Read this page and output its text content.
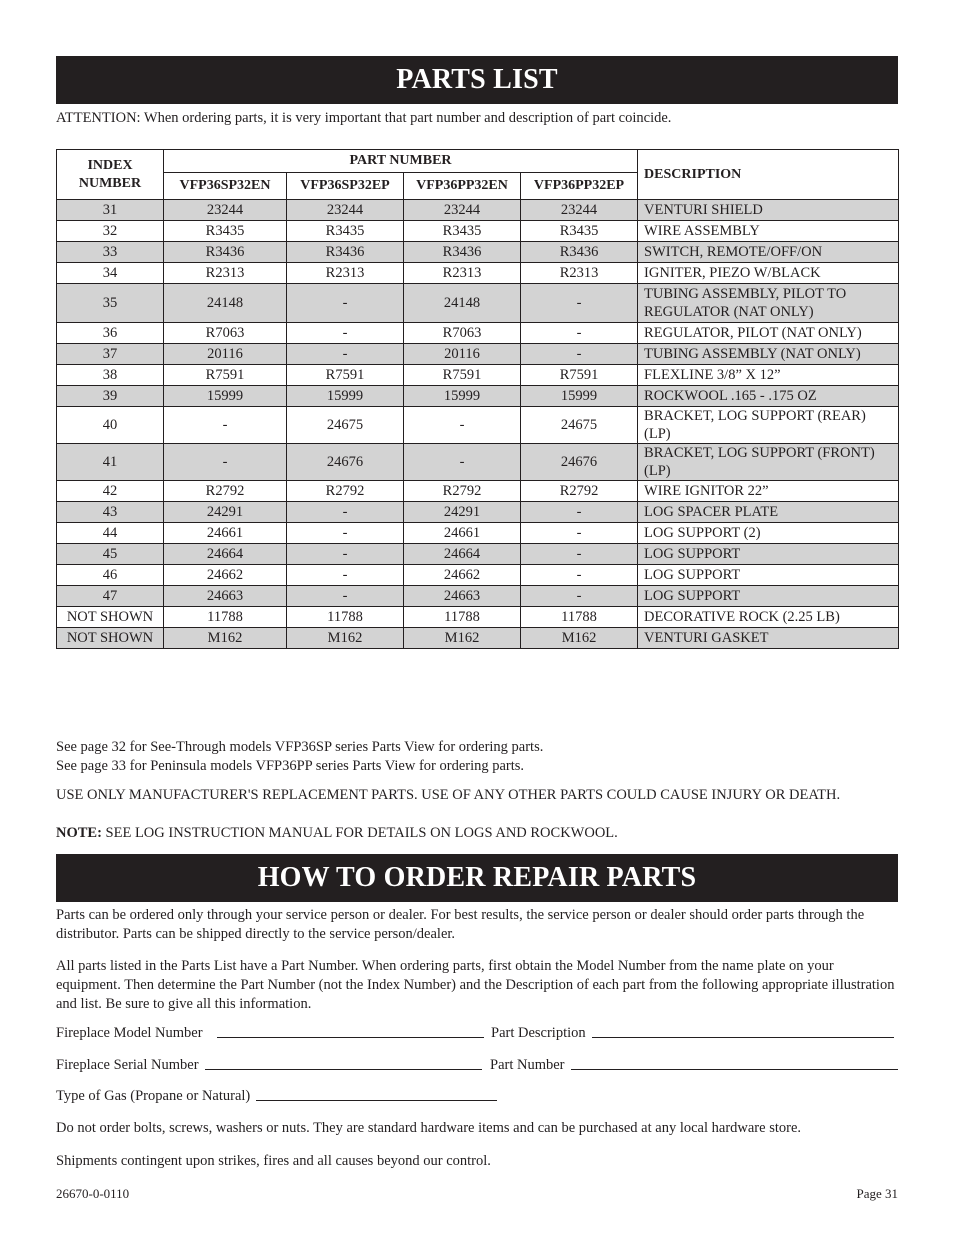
PARTS LIST

ATTENTION: When ordering parts, it is very important that part number and description of part coincide.

INDEX NUMBER	PART NUMBER				DESCRIPTION
	VFP36SP32EN	VFP36SP32EP	VFP36PP32EN	VFP36PP32EP	
31	23244	23244	23244	23244	VENTURI SHIELD
32	R3435	R3435	R3435	R3435	WIRE ASSEMBLY
33	R3436	R3436	R3436	R3436	SWITCH, REMOTE/OFF/ON
34	R2313	R2313	R2313	R2313	IGNITER, PIEZO W/BLACK
35	24148	-	24148	-	TUBING ASSEMBLY, PILOT TO REGULATOR (NAT ONLY)
36	R7063	-	R7063	-	REGULATOR, PILOT (NAT ONLY)
37	20116	-	20116	-	TUBING ASSEMBLY (NAT ONLY)
38	R7591	R7591	R7591	R7591	FLEXLINE 3/8” X 12”
39	15999	15999	15999	15999	ROCKWOOL .165 - .175 OZ
40	-	24675	-	24675	BRACKET, LOG SUPPORT (REAR) (LP)
41	-	24676	-	24676	BRACKET, LOG SUPPORT (FRONT) (LP)
42	R2792	R2792	R2792	R2792	WIRE IGNITOR 22”
43	24291	-	24291	-	LOG SPACER PLATE
44	24661	-	24661	-	LOG SUPPORT (2)
45	24664	-	24664	-	LOG SUPPORT
46	24662	-	24662	-	LOG SUPPORT
47	24663	-	24663	-	LOG SUPPORT
NOT SHOWN	11788	11788	11788	11788	DECORATIVE ROCK (2.25 LB)
NOT SHOWN	M162	M162	M162	M162	VENTURI GASKET

See page 32 for See-Through models VFP36SP series Parts View for ordering parts.

See page 33 for Peninsula models VFP36PP series Parts View for ordering parts.

USE ONLY MANUFACTURER'S REPLACEMENT PARTS. USE OF ANY OTHER PARTS COULD CAUSE INJURY OR DEATH.

NOTE: SEE LOG INSTRUCTION MANUAL FOR DETAILS ON LOGS AND ROCKWOOL.

HOW TO ORDER REPAIR PARTS

Parts can be ordered only through your service person or dealer. For best results, the service person or dealer should order parts through the distributor. Parts can be shipped directly to the service person/dealer.

All parts listed in the Parts List have a Part Number. When ordering parts, first obtain the Model Number from the name plate on your equipment. Then determine the Part Number (not the Index Number) and the Description of each part from the following appropriate illustration and list. Be sure to give all this information.

Fireplace Model Number	Part Description
Fireplace Serial Number	Part Number
Type of Gas (Propane or Natural)

Do not order bolts, screws, washers or nuts. They are standard hardware items and can be purchased at any local hardware store.

Shipments contingent upon strikes, fires and all causes beyond our control.

26670-0-0110	Page 31
